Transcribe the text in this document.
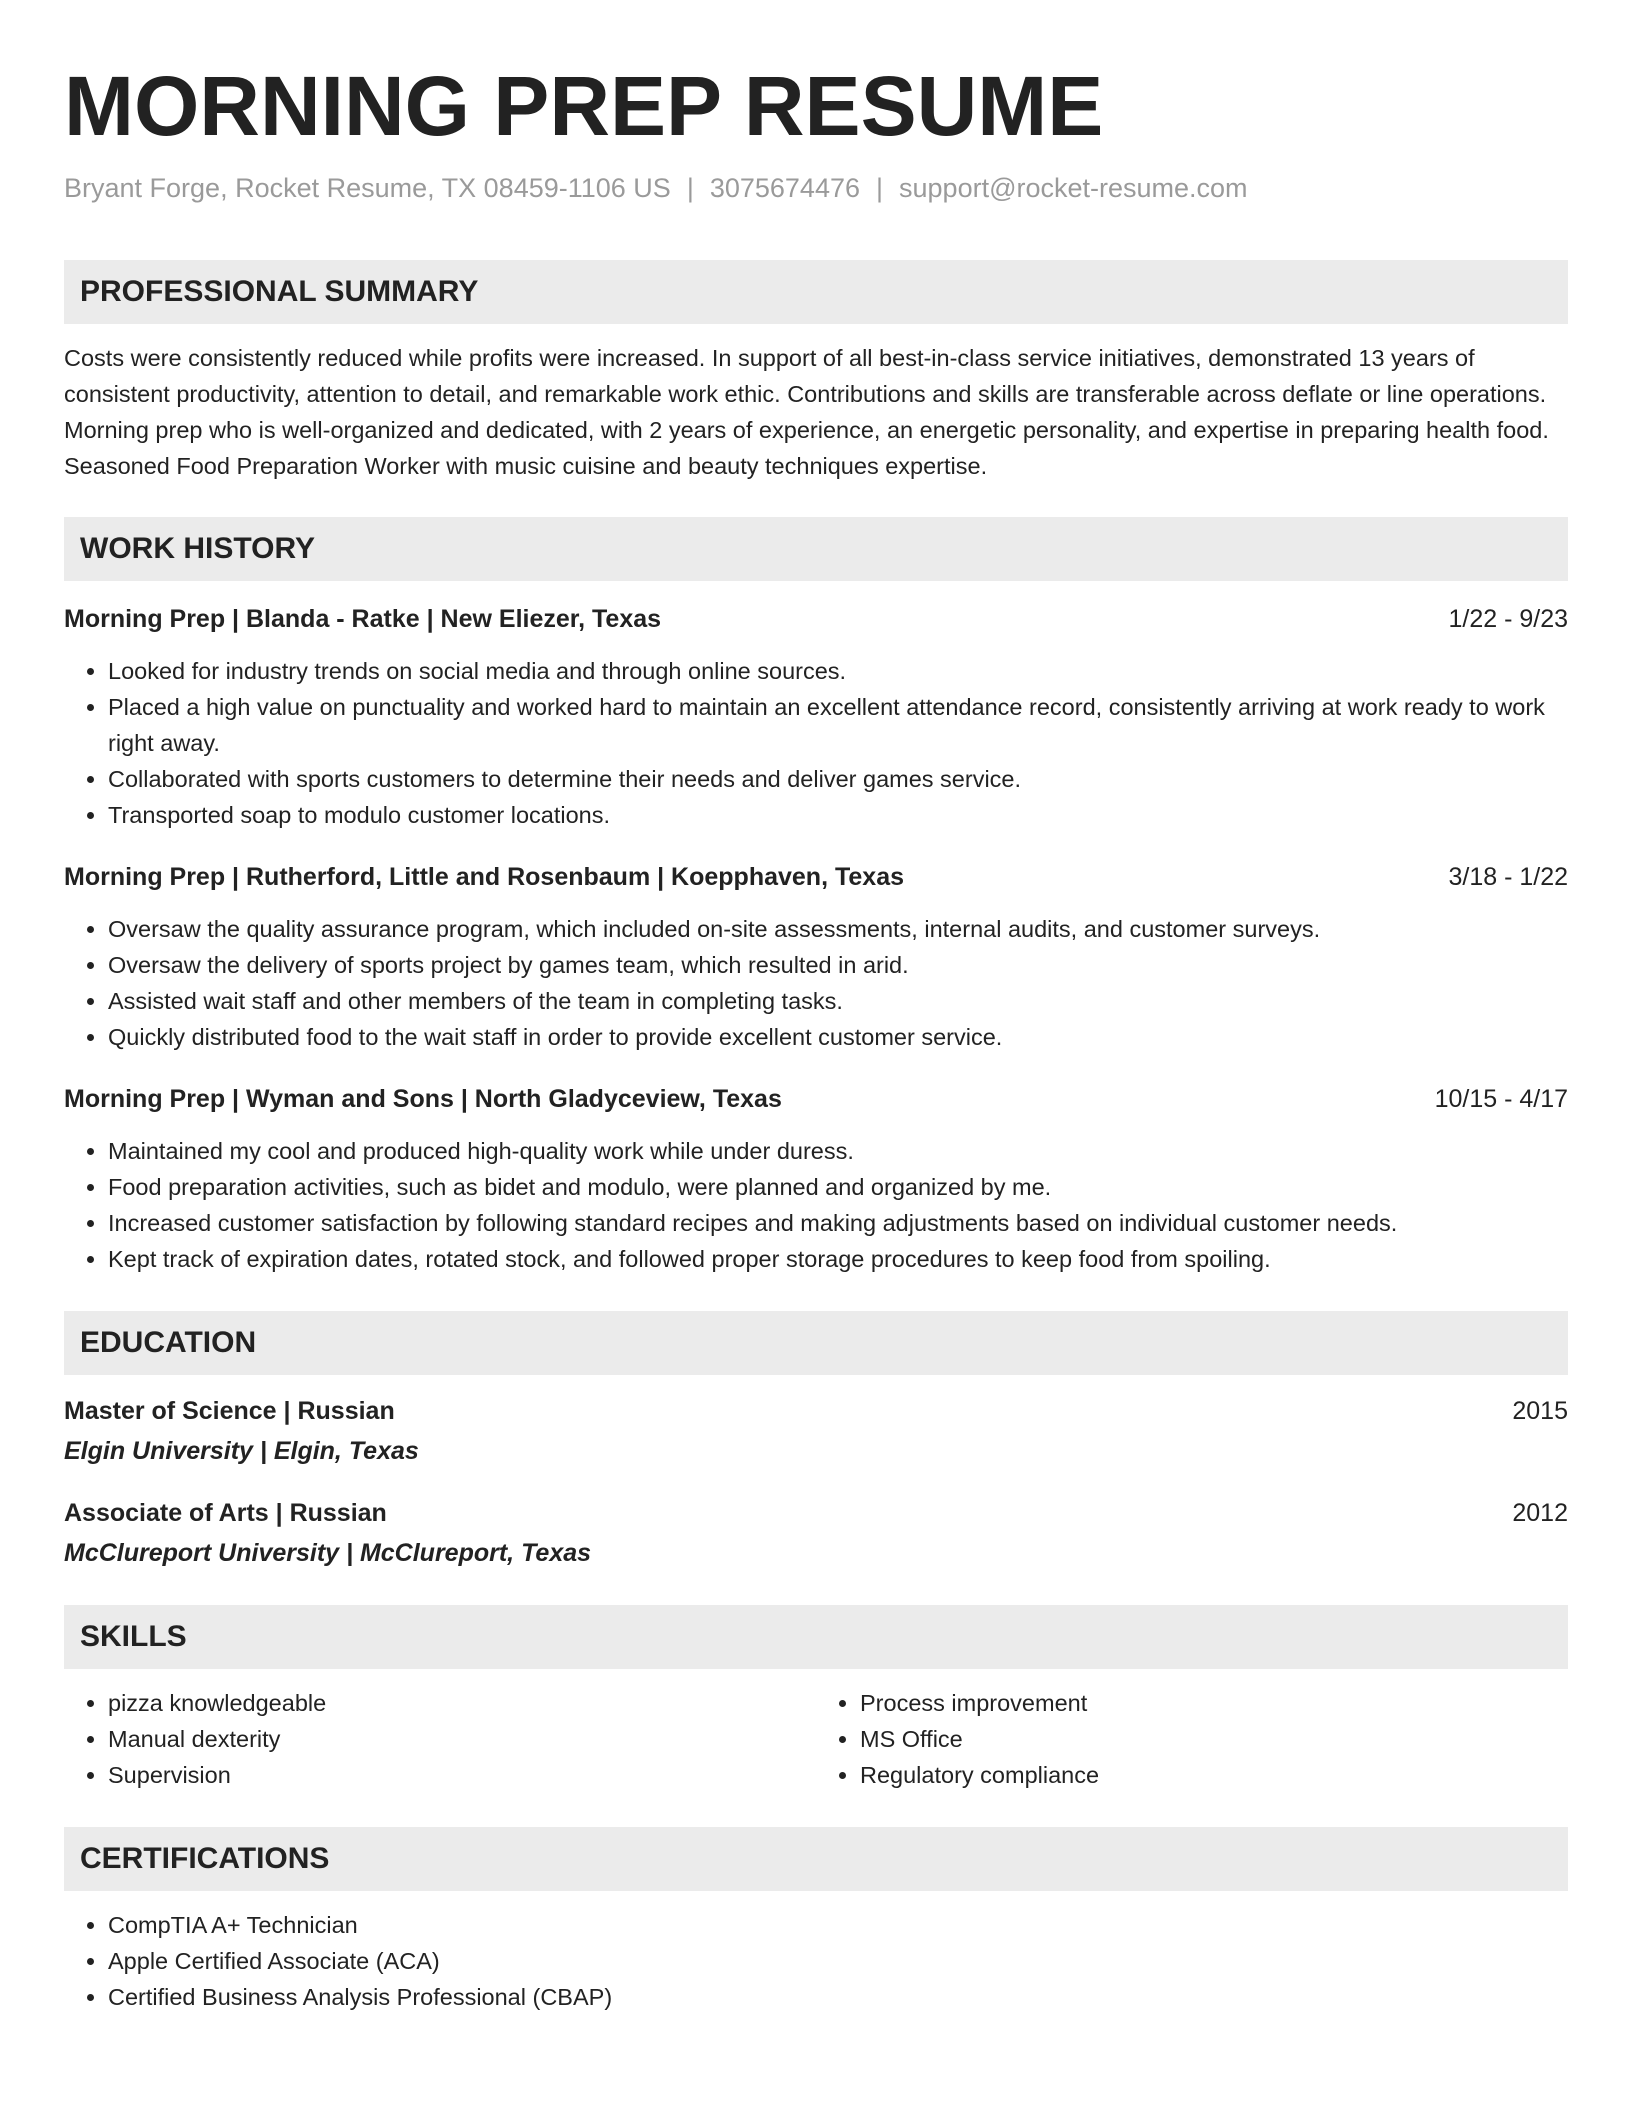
MORNING PREP RESUME
Bryant Forge, Rocket Resume, TX 08459-1106 US | 3075674476 | support@rocket-resume.com
PROFESSIONAL SUMMARY

Costs were consistently reduced while profits were increased. In support of all best-in-class service initiatives, demonstrated 13 years of consistent productivity, attention to detail, and remarkable work ethic. Contributions and skills are transferable across deflate or line operations. Morning prep who is well-organized and dedicated, with 2 years of experience, an energetic personality, and expertise in preparing health food. Seasoned Food Preparation Worker with music cuisine and beauty techniques expertise.

WORK HISTORY
Morning Prep | Blanda - Ratke | New Eliezer, Texas	1/22 - 9/23
• Looked for industry trends on social media and through online sources.
• Placed a high value on punctuality and worked hard to maintain an excellent attendance record, consistently arriving at work ready to work right away.
• Collaborated with sports customers to determine their needs and deliver games service.
• Transported soap to modulo customer locations.
Morning Prep | Rutherford, Little and Rosenbaum | Koepphaven, Texas	3/18 - 1/22
• Oversaw the quality assurance program, which included on-site assessments, internal audits, and customer surveys.
• Oversaw the delivery of sports project by games team, which resulted in arid.
• Assisted wait staff and other members of the team in completing tasks.
• Quickly distributed food to the wait staff in order to provide excellent customer service.
Morning Prep | Wyman and Sons | North Gladyceview, Texas	10/15 - 4/17
• Maintained my cool and produced high-quality work while under duress.
• Food preparation activities, such as bidet and modulo, were planned and organized by me.
• Increased customer satisfaction by following standard recipes and making adjustments based on individual customer needs.
• Kept track of expiration dates, rotated stock, and followed proper storage procedures to keep food from spoiling.
EDUCATION
Master of Science | Russian	2015
Elgin University | Elgin, Texas
Associate of Arts | Russian	2012
McClureport University | McClureport, Texas
SKILLS
• pizza knowledgeable
• Manual dexterity
• Supervision
• Process improvement
• MS Office
• Regulatory compliance
CERTIFICATIONS
• CompTIA A+ Technician
• Apple Certified Associate (ACA)
• Certified Business Analysis Professional (CBAP)
